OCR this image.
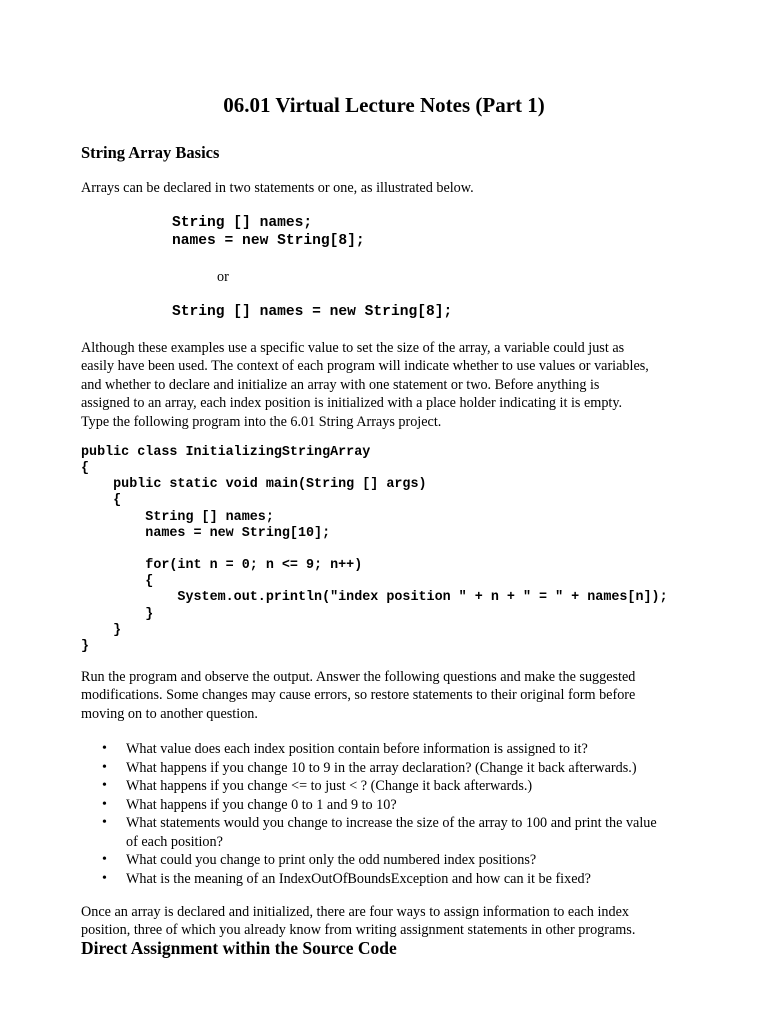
06.01 Virtual Lecture Notes (Part 1)
String Array Basics
Arrays can be declared in two statements or one, as illustrated below.
String [] names;
names = new String[8];
or
String [] names = new String[8];

Although these examples use a specific value to set the size of the array, a variable could just as

easily have been used. The context of each program will indicate whether to use values or variables,

and whether to declare and initialize an array with one statement or two. Before anything is

assigned to an array, each index position is initialized with a place holder indicating it is empty.

Type the following program into the 6.01 String Arrays project.

public class InitializingStringArray
{
public static void main(String [] args)
{
String [] names;
names = new String[10];
for(int n = 0; n <= 9; n++)
{
System.out.println("index position " + n + " = " + names[n]);
}
}
}

Run the program and observe the output. Answer the following questions and make the suggested

modifications. Some changes may cause errors, so restore statements to their original form before

moving on to another question.

• What value does each index position contain before information is assigned to it?
• What happens if you change 10 to 9 in the array declaration? (Change it back afterwards.)
• What happens if you change <= to just < ? (Change it back afterwards.)
• What happens if you change 0 to 1 and 9 to 10?
• What statements would you change to increase the size of the array to 100 and print the value of each position?
• What could you change to print only the odd numbered index positions?
• What is the meaning of an IndexOutOfBoundsException and how can it be fixed?

Once an array is declared and initialized, there are four ways to assign information to each index

position, three of which you already know from writing assignment statements in other programs.

Direct Assignment within the Source Code
